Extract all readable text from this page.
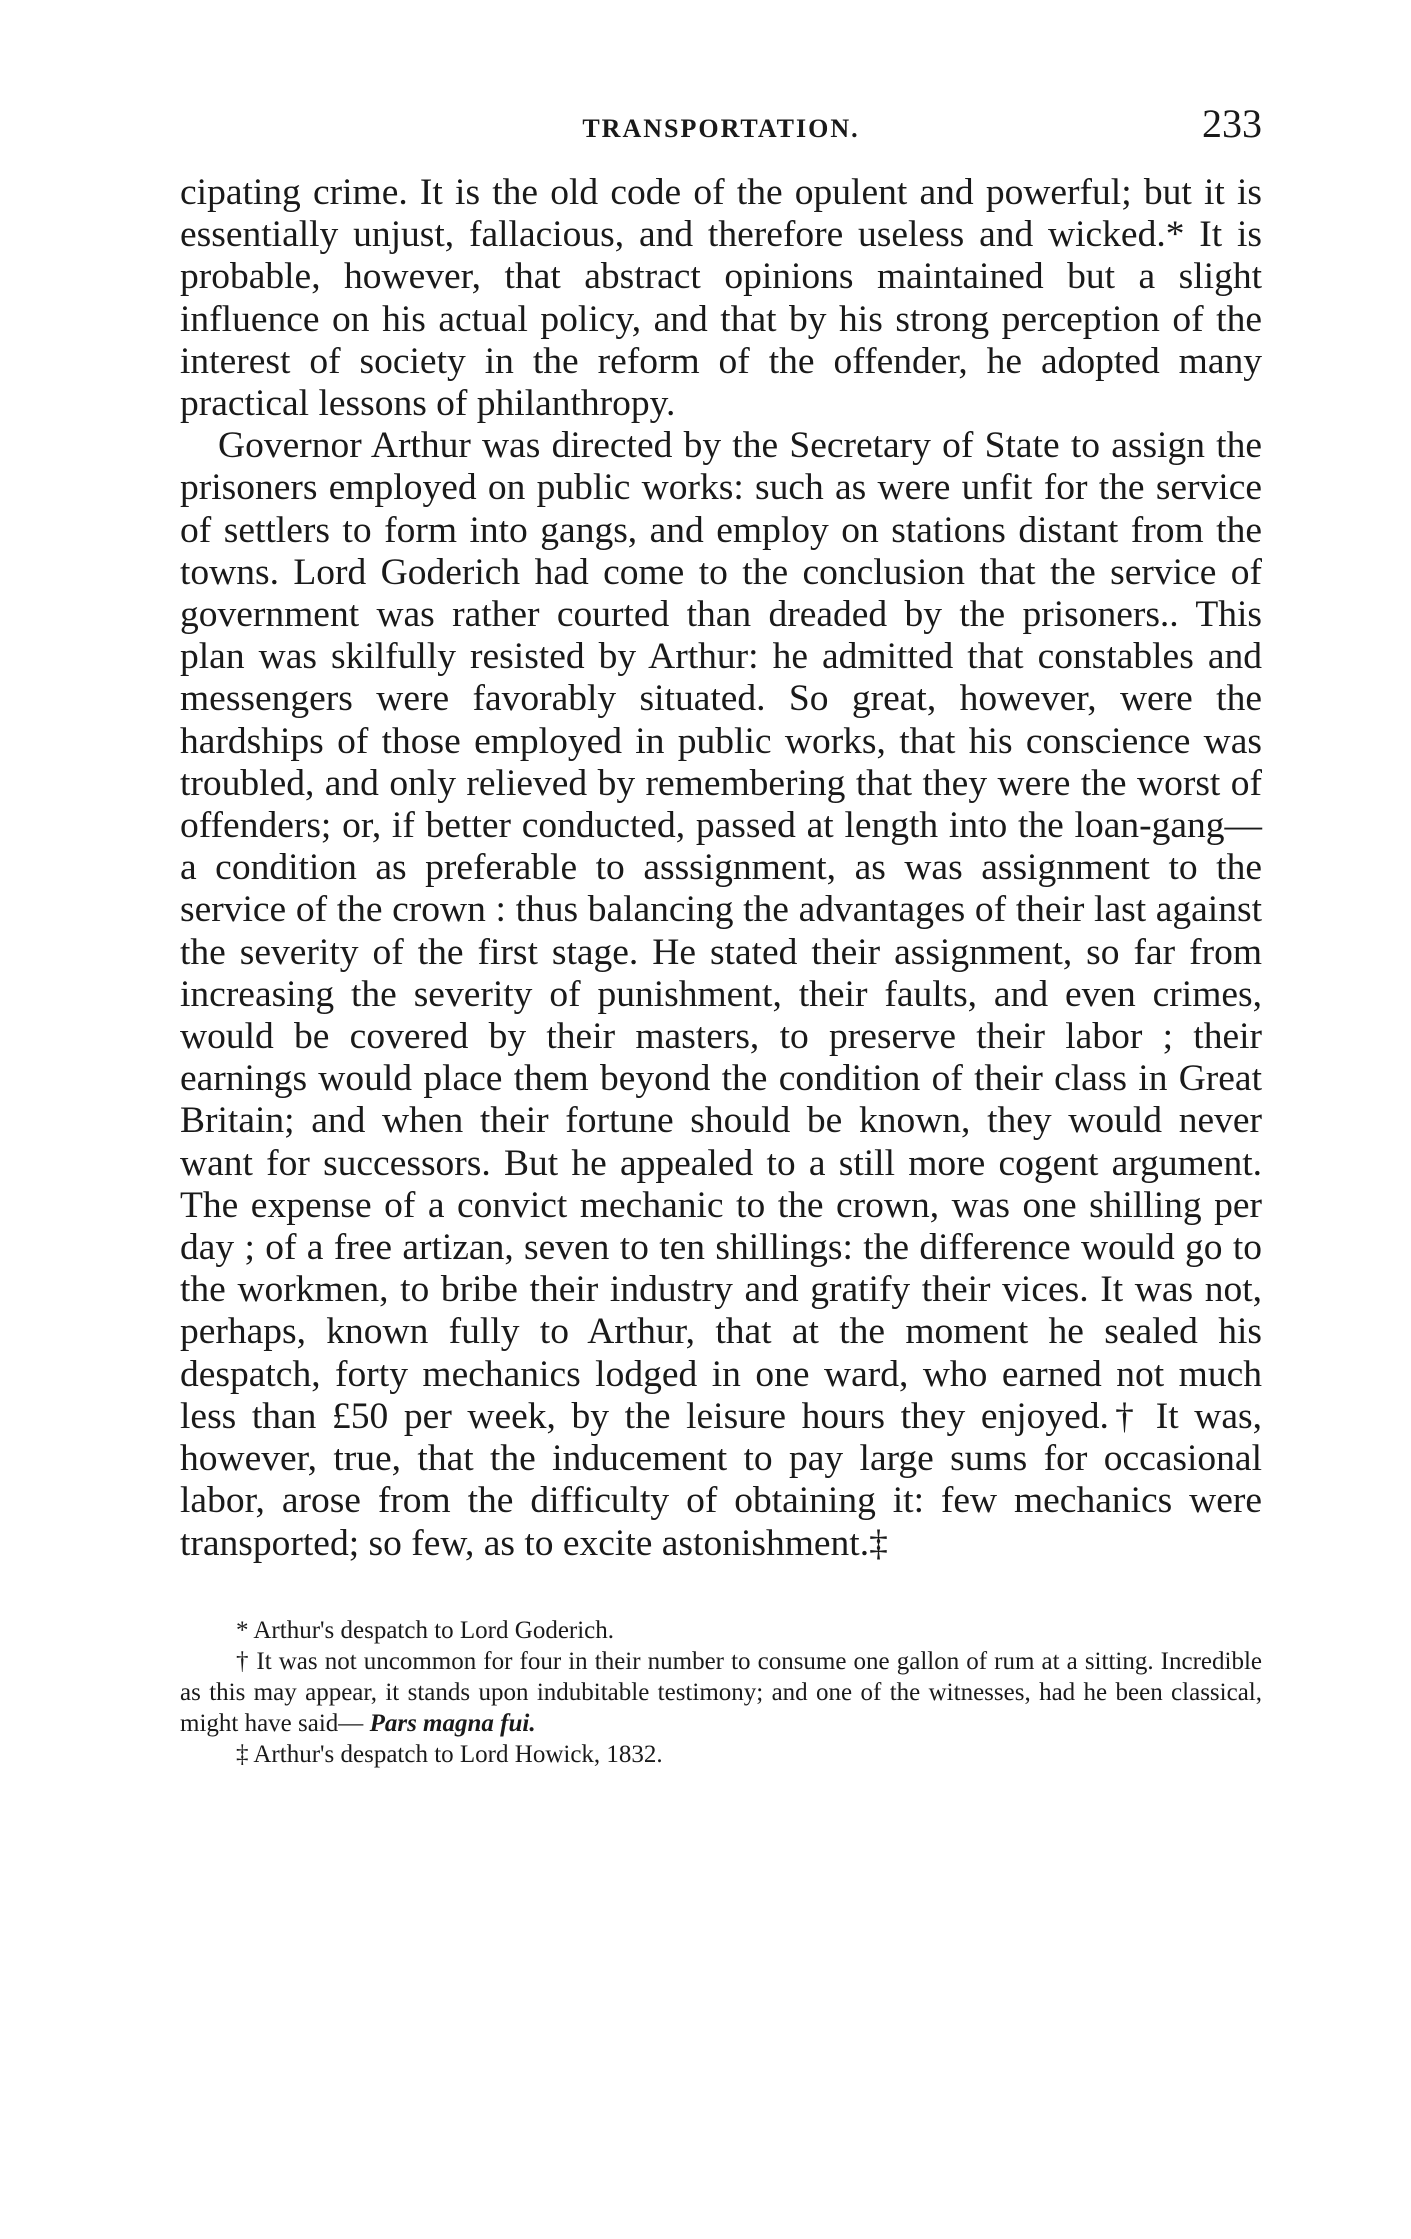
TRANSPORTATION.	233

cipating crime. It is the old code of the opulent and powerful; but it is essentially unjust, fallacious, and therefore useless and wicked.* It is probable, however, that abstract opinions maintained but a slight influence on his actual policy, and that by his strong perception of the interest of society in the reform of the offender, he adopted many practical lessons of philanthropy.

Governor Arthur was directed by the Secretary of State to assign the prisoners employed on public works: such as were unfit for the service of settlers to form into gangs, and employ on stations distant from the towns. Lord Goderich had come to the conclusion that the service of government was rather courted than dreaded by the prisoners.. This plan was skilfully resisted by Arthur: he admitted that constables and messengers were favorably situated. So great, however, were the hardships of those employed in public works, that his conscience was troubled, and only relieved by remembering that they were the worst of offenders; or, if better conducted, passed at length into the loan-gang—a condition as preferable to asssignment, as was assignment to the service of the crown : thus balancing the advantages of their last against the severity of the first stage. He stated their assignment, so far from increasing the severity of punishment, their faults, and even crimes, would be covered by their masters, to preserve their labor ; their earnings would place them beyond the condition of their class in Great Britain; and when their fortune should be known, they would never want for successors. But he appealed to a still more cogent argument. The expense of a convict mechanic to the crown, was one shilling per day ; of a free artizan, seven to ten shillings: the difference would go to the workmen, to bribe their industry and gratify their vices. It was not, perhaps, known fully to Arthur, that at the moment he sealed his despatch, forty mechanics lodged in one ward, who earned not much less than £50 per week, by the leisure hours they enjoyed.† It was, however, true, that the inducement to pay large sums for occasional labor, arose from the difficulty of obtaining it: few mechanics were transported; so few, as to excite astonishment.‡

* Arthur's despatch to Lord Goderich.

† It was not uncommon for four in their number to consume one gallon of rum at a sitting. Incredible as this may appear, it stands upon indubitable testimony; and one of the witnesses, had he been classical, might have said— Pars magna fui.

‡ Arthur's despatch to Lord Howick, 1832.
